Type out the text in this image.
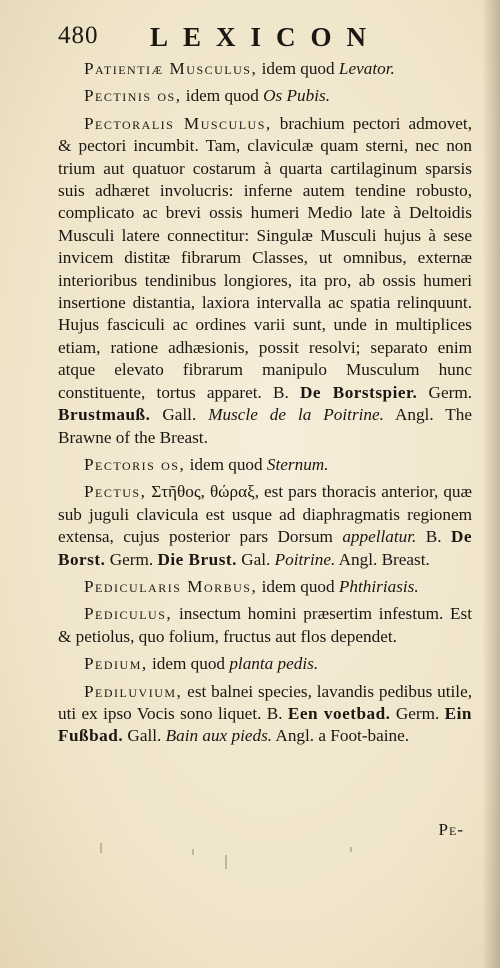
480 LEXICON

Patientiæ Musculus, idem quod Levator.

Pectinis os, idem quod Os Pubis.

Pectoralis Musculus, brachium pectori admovet, & pectori incumbit. Tam, claviculæ quam sterni, nec non trium aut quatuor costarum à quarta cartilaginum sparsis suis adhæret involucris: inferne autem tendine robusto, complicato ac brevi ossis humeri Medio late à Deltoidis Musculi latere connectitur: Singulæ Musculi hujus à sese invicem distitæ fibrarum Classes, ut omnibus, externæ interioribus tendinibus longiores, ita pro, ab ossis humeri insertione distantia, laxiora intervalla ac spatia relinquunt. Hujus fasciculi ac ordines varii sunt, unde in multiplices etiam, ratione adhæsionis, possit resolvi; separato enim atque elevato fibrarum manipulo Musculum hunc constituente, tortus apparet. B. De Borstspier. Germ. Brustmauß. Gall. Muscle de la Poitrine. Angl. The Brawne of the Breast.

Pectoris os, idem quod Sternum.

Pectus, Στῆθος, θώραξ, est pars thoracis anterior, quæ sub juguli clavicula est usque ad diaphragmatis regionem extensa, cujus posterior pars Dorsum appellatur. B. De Borst. Germ. Die Brust. Gal. Poitrine. Angl. Breast.

Pedicularis Morbus, idem quod Phthiriasis.

Pediculus, insectum homini præsertim infestum. Est & petiolus, quo folium, fructus aut flos dependet.

Pedium, idem quod planta pedis.

Pediluvium, est balnei species, lavandis pedibus utile, uti ex ipso Vocis sono liquet. B. Een voetbad. Germ. Ein Fußbad. Gall. Bain aux pieds. Angl. a Foot-baine.

Pe-
